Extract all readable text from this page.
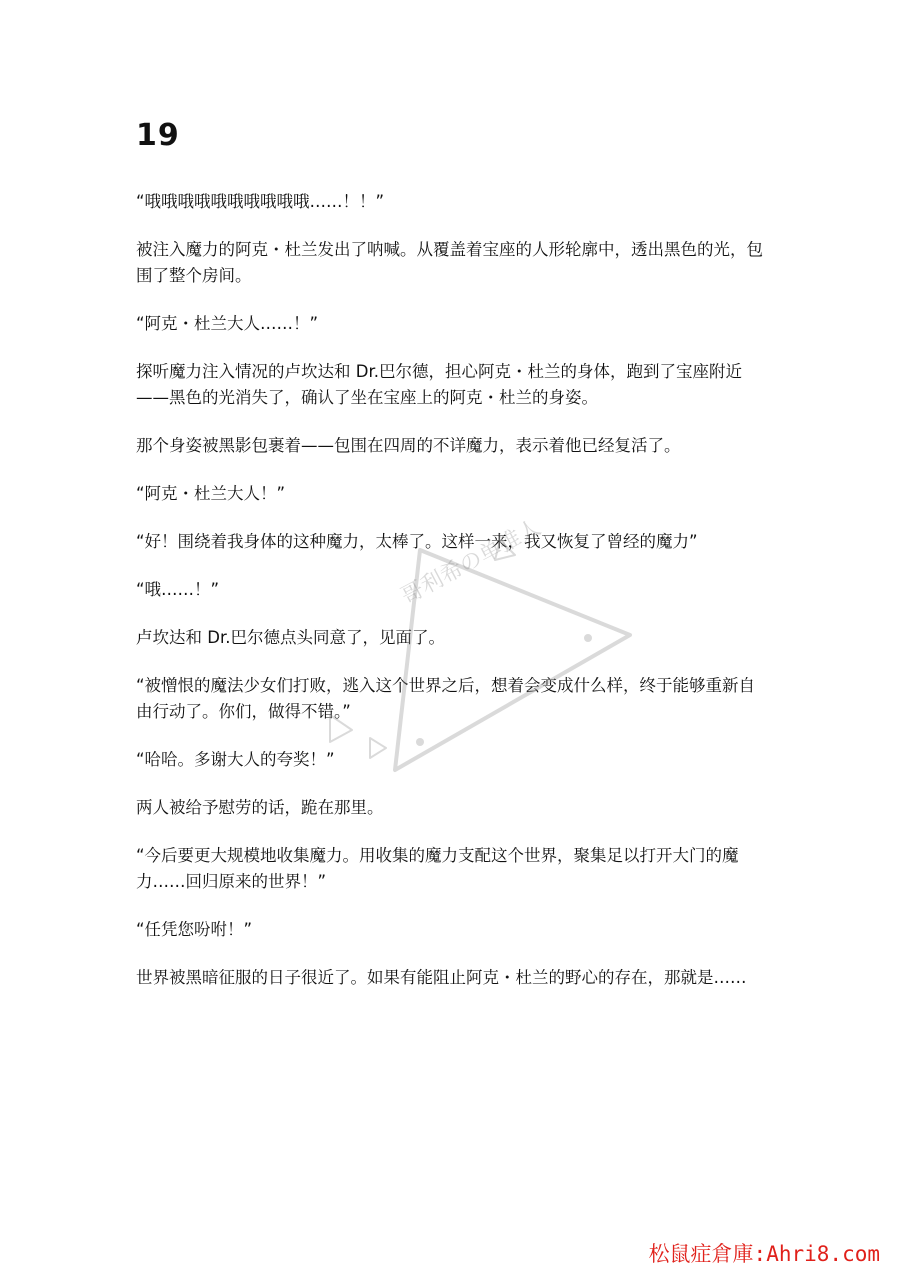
19

“哦哦哦哦哦哦哦哦哦哦……！！”

被注入魔力的阿克・杜兰发出了呐喊。从覆盖着宝座的人形轮廓中，透出黑色的光，包围了整个房间。

“阿克・杜兰大人……！”

探听魔力注入情况的卢坎达和 Dr.巴尔德，担心阿克・杜兰的身体，跑到了宝座附近——黑色的光消失了，确认了坐在宝座上的阿克・杜兰的身姿。

那个身姿被黑影包裹着——包围在四周的不详魔力，表示着他已经复活了。

“阿克・杜兰大人！”

“好！围绕着我身体的这种魔力，太棒了。这样一来，我又恢复了曾经的魔力”

“哦……！”

卢坎达和 Dr.巴尔德点头同意了，见面了。

“被憎恨的魔法少女们打败，逃入这个世界之后，想着会变成什么样，终于能够重新自由行动了。你们，做得不错。”

“哈哈。多谢大人的夸奖！”

两人被给予慰劳的话，跪在那里。

“今后要更大规模地收集魔力。用收集的魔力支配这个世界，聚集足以打开大门的魔力……回归原来的世界！”

“任凭您吩咐！”

世界被黑暗征服的日子很近了。如果有能阻止阿克・杜兰的野心的存在，那就是……

哥利希の单推人
松鼠症倉庫:Ahri8.com
